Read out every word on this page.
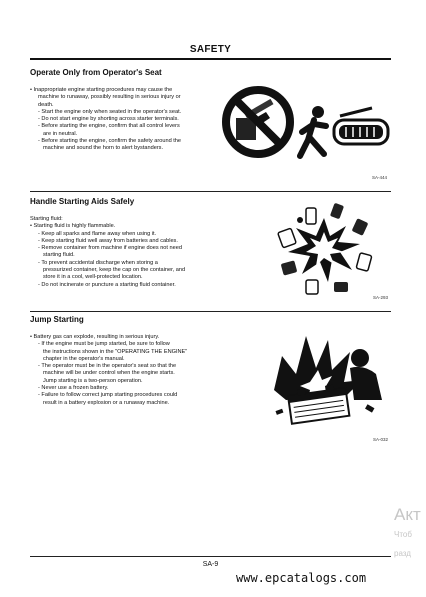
SAFETY
Operate Only from Operator's Seat
• Inappropriate engine starting procedures may cause the
machine to runaway, possibly resulting in serious injury or
death.
- Start the engine only when seated in the operator's seat.
- Do not start engine by shorting across starter terminals.
- Before starting the engine, confirm that all control levers
are in neutral.
- Before starting the engine, confirm the safety around the
machine and sound the horn to alert bystanders.
SA-444
Handle Starting Aids Safely
Starting fluid:
• Starting fluid is highly flammable.
- Keep all sparks and flame away when using it.
- Keep starting fluid well away from batteries and cables.
- Remove container from machine if engine does not need
starting fluid.
- To prevent accidental discharge when storing a
pressurized container, keep the cap on the container, and
store it in a cool, well-protected location.
- Do not incinerate or puncture a starting fluid container.
SA-293
Jump Starting
• Battery gas can explode, resulting in serious injury.
- If the engine must be jump started, be sure to follow
the instructions shown in the "OPERATING THE ENGINE"
chapter in the operator's manual.
- The operator must be in the operator's seat so that the
machine will be under control when the engine starts.
Jump starting is a two-person operation.
- Never use a frozen battery.
- Failure to follow correct jump starting procedures could
result in a battery explosion or a runaway machine.
SA-032
Акт
Чтоб
разд
SA-9
www.epcatalogs.com
